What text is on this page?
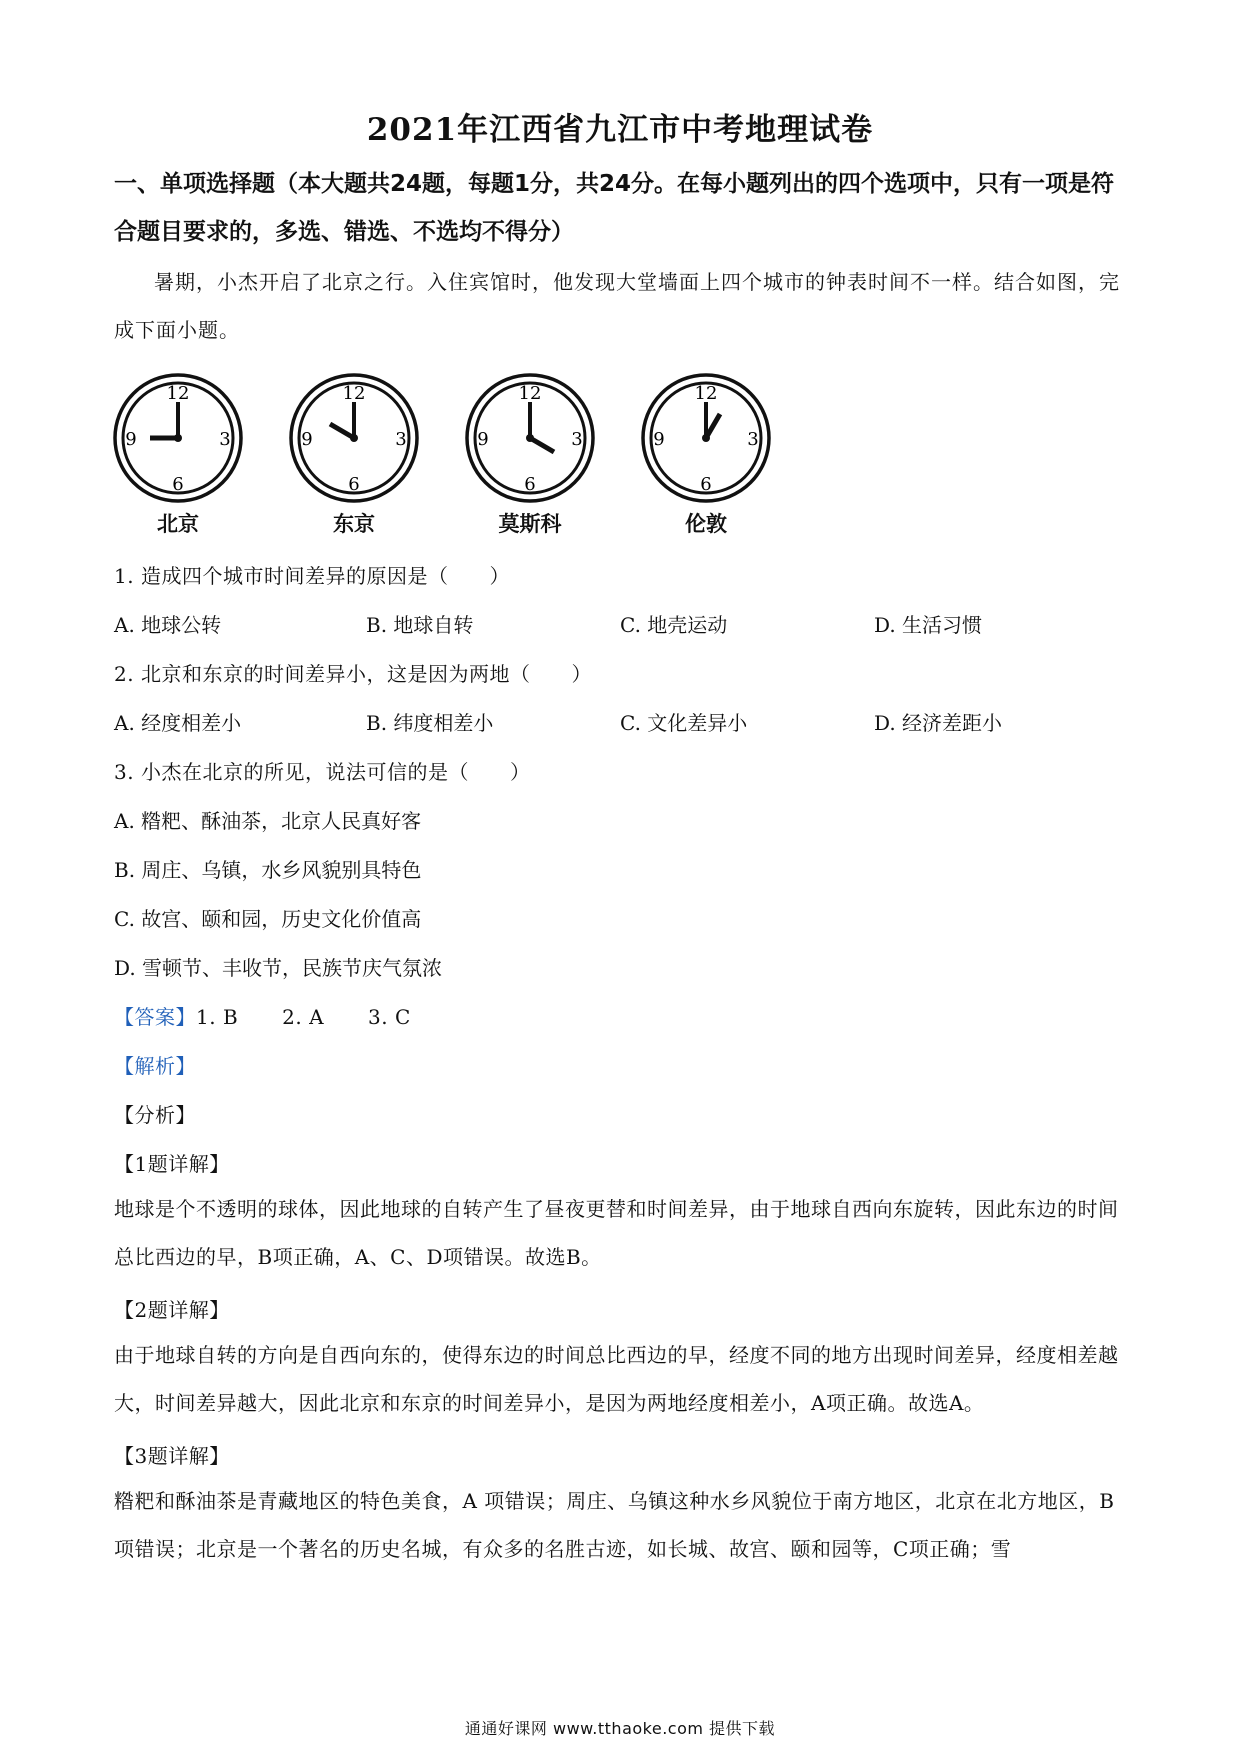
2021年江西省九江市中考地理试卷
一、单项选择题（本大题共24题，每题1分，共24分。在每小题列出的四个选项中，只有一项是符合题目要求的，多选、错选、不选均不得分）
暑期，小杰开启了北京之行。入住宾馆时，他发现大堂墙面上四个城市的钟表时间不一样。结合如图，完成下面小题。
12
3
6
9
北京
12
3
6
9
东京
12
3
6
9
莫斯科
12
3
6
9
伦敦
1. 造成四个城市时间差异的原因是（　　）
A. 地球公转	B. 地球自转	C. 地壳运动	D. 生活习惯
2. 北京和东京的时间差异小，这是因为两地（　　）
A. 经度相差小	B. 纬度相差小	C. 文化差异小	D. 经济差距小
3. 小杰在北京的所见，说法可信的是（　　）
A. 糌粑、酥油茶，北京人民真好客
B. 周庄、乌镇，水乡风貌别具特色
C. 故宫、颐和园，历史文化价值高
D. 雪顿节、丰收节，民族节庆气氛浓
【答案】1. B 2. A 3. C
【解析】
【分析】
【1题详解】
地球是个不透明的球体，因此地球的自转产生了昼夜更替和时间差异，由于地球自西向东旋转，因此东边的时间总比西边的早，B项正确，A、C、D项错误。故选B。
【2题详解】
由于地球自转的方向是自西向东的，使得东边的时间总比西边的早，经度不同的地方出现时间差异，经度相差越大，时间差异越大，因此北京和东京的时间差异小，是因为两地经度相差小，A项正确。故选A。
【3题详解】
糌粑和酥油茶是青藏地区的特色美食，A 项错误；周庄、乌镇这种水乡风貌位于南方地区，北京在北方地区，B项错误；北京是一个著名的历史名城，有众多的名胜古迹，如长城、故宫、颐和园等，C项正确；雪
通通好课网 www.tthaoke.com 提供下载
